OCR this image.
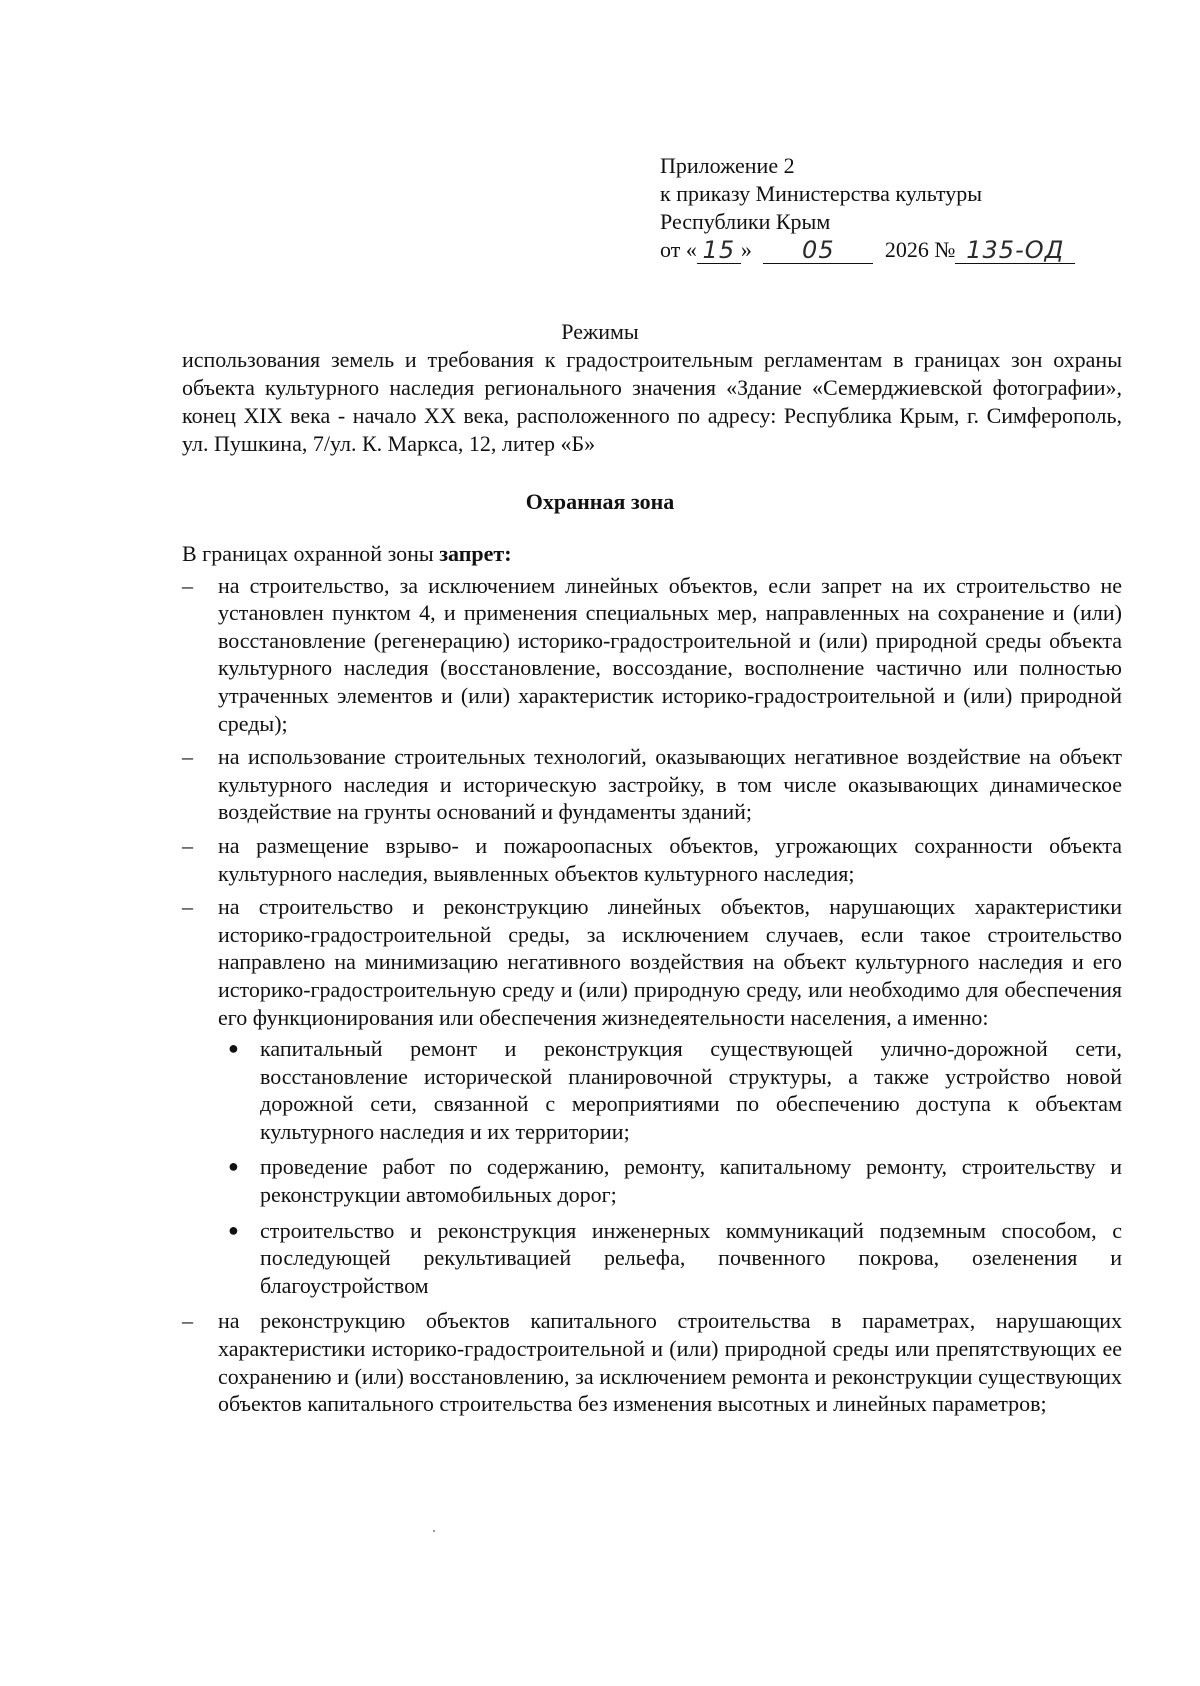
Приложение 2
к приказу Министерства культуры
Республики Крым
от « 15 » 05 2026 № 135-ОД
Режимы
использования земель и требования к градостроительным регламентам в границах зон охраны объекта культурного наследия регионального значения «Здание «Семерджиевской фотографии», конец XIX века - начало XX века, расположенного по адресу: Республика Крым, г. Симферополь, ул. Пушкина, 7/ул. К. Маркса, 12, литер «Б»
Охранная зона

В границах охранной зоны запрет:

– на строительство, за исключением линейных объектов, если запрет на их строительство не установлен пунктом 4, и применения специальных мер, направленных на сохранение и (или) восстановление (регенерацию) историко-градостроительной и (или) природной среды объекта культурного наследия (восстановление, воссоздание, восполнение частично или полностью утраченных элементов и (или) характеристик историко-градостроительной и (или) природной среды);
– на использование строительных технологий, оказывающих негативное воздействие на объект культурного наследия и историческую застройку, в том числе оказывающих динамическое воздействие на грунты оснований и фундаменты зданий;
– на размещение взрыво- и пожароопасных объектов, угрожающих сохранности объекта культурного наследия, выявленных объектов культурного наследия;
– на строительство и реконструкцию линейных объектов, нарушающих характеристики историко-градостроительной среды, за исключением случаев, если такое строительство направлено на минимизацию негативного воздействия на объект культурного наследия и его историко-градостроительную среду и (или) природную среду, или необходимо для обеспечения его функционирования или обеспечения жизнедеятельности населения, а именно:
● капитальный ремонт и реконструкция существующей улично-дорожной сети, восстановление исторической планировочной структуры, а также устройство новой дорожной сети, связанной с мероприятиями по обеспечению доступа к объектам культурного наследия и их территории;
● проведение работ по содержанию, ремонту, капитальному ремонту, строительству и реконструкции автомобильных дорог;
● строительство и реконструкция инженерных коммуникаций подземным способом, с последующей рекультивацией рельефа, почвенного покрова, озеленения и благоустройством
– на реконструкцию объектов капитального строительства в параметрах, нарушающих характеристики историко-градостроительной и (или) природной среды или препятствующих ее сохранению и (или) восстановлению, за исключением ремонта и реконструкции существующих объектов капитального строительства без изменения высотных и линейных параметров;
